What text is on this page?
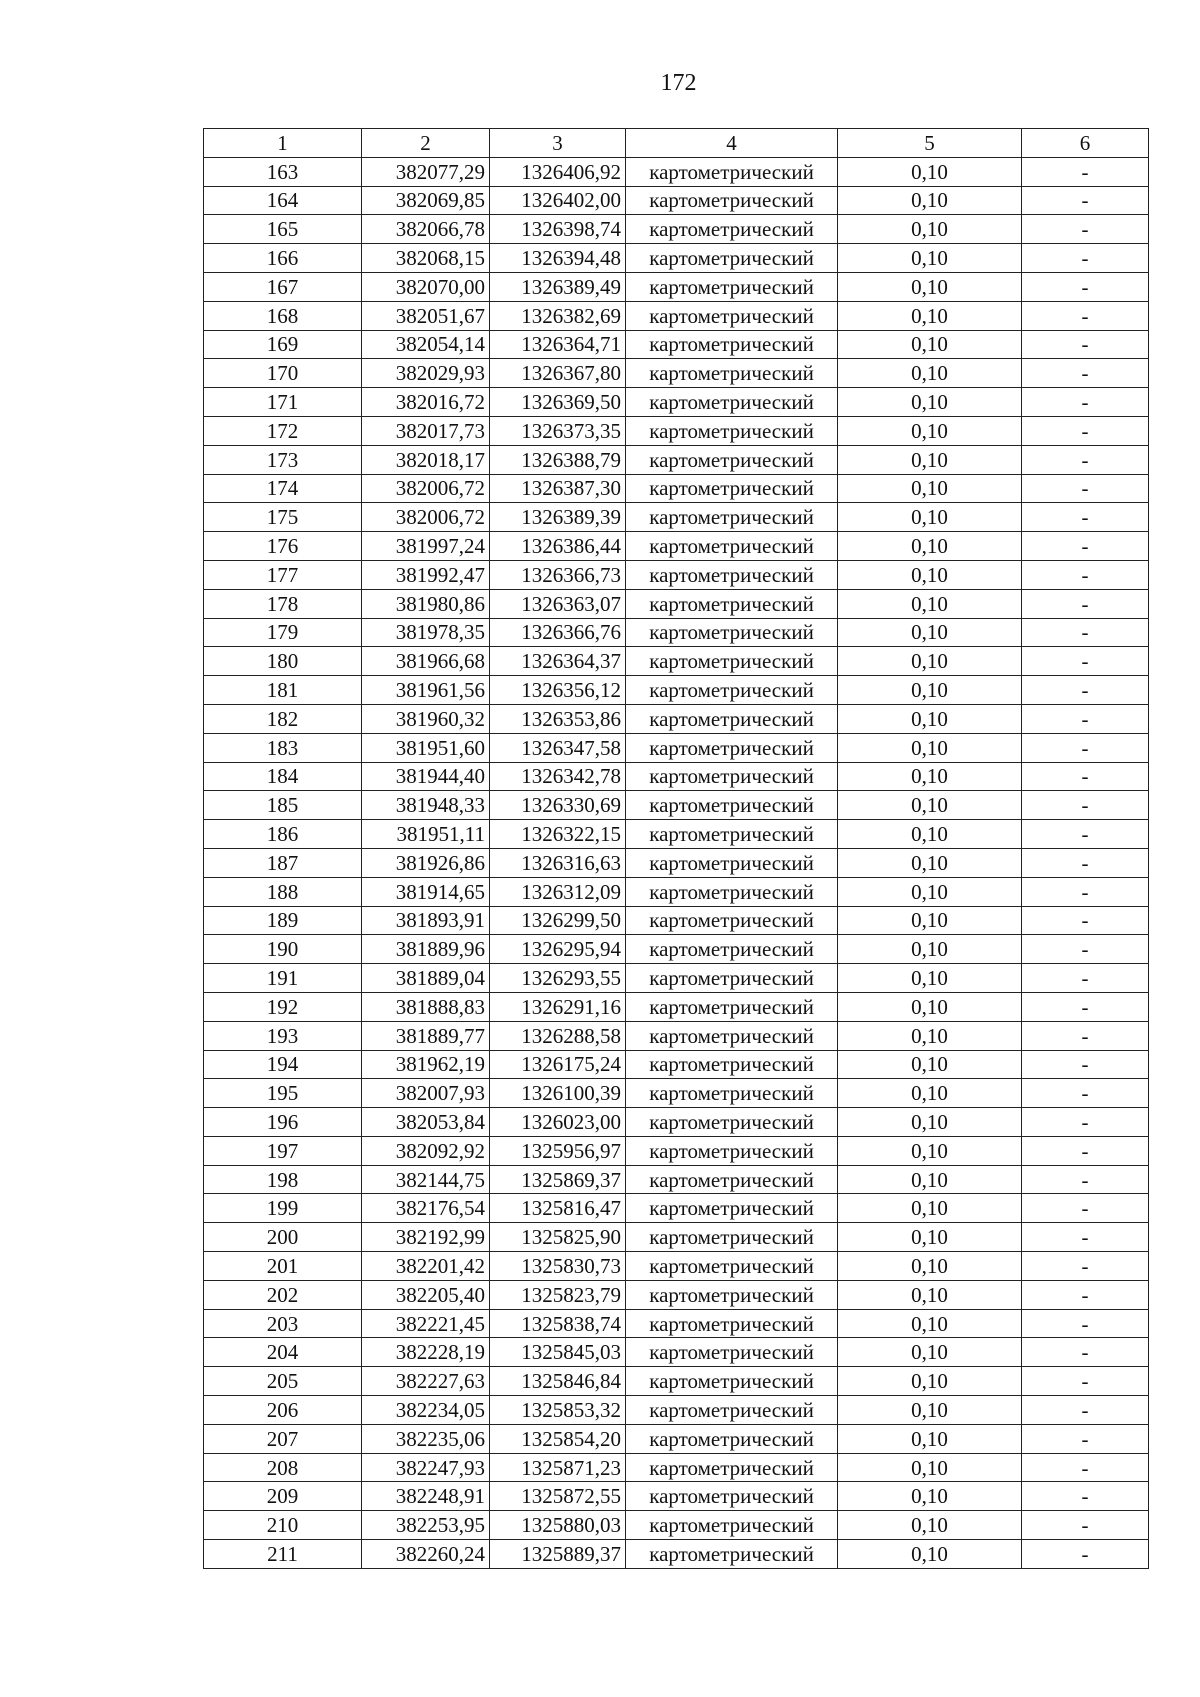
172
1	2	3	4	5	6
163	382077,29	1326406,92	картометрический	0,10	-
164	382069,85	1326402,00	картометрический	0,10	-
165	382066,78	1326398,74	картометрический	0,10	-
166	382068,15	1326394,48	картометрический	0,10	-
167	382070,00	1326389,49	картометрический	0,10	-
168	382051,67	1326382,69	картометрический	0,10	-
169	382054,14	1326364,71	картометрический	0,10	-
170	382029,93	1326367,80	картометрический	0,10	-
171	382016,72	1326369,50	картометрический	0,10	-
172	382017,73	1326373,35	картометрический	0,10	-
173	382018,17	1326388,79	картометрический	0,10	-
174	382006,72	1326387,30	картометрический	0,10	-
175	382006,72	1326389,39	картометрический	0,10	-
176	381997,24	1326386,44	картометрический	0,10	-
177	381992,47	1326366,73	картометрический	0,10	-
178	381980,86	1326363,07	картометрический	0,10	-
179	381978,35	1326366,76	картометрический	0,10	-
180	381966,68	1326364,37	картометрический	0,10	-
181	381961,56	1326356,12	картометрический	0,10	-
182	381960,32	1326353,86	картометрический	0,10	-
183	381951,60	1326347,58	картометрический	0,10	-
184	381944,40	1326342,78	картометрический	0,10	-
185	381948,33	1326330,69	картометрический	0,10	-
186	381951,11	1326322,15	картометрический	0,10	-
187	381926,86	1326316,63	картометрический	0,10	-
188	381914,65	1326312,09	картометрический	0,10	-
189	381893,91	1326299,50	картометрический	0,10	-
190	381889,96	1326295,94	картометрический	0,10	-
191	381889,04	1326293,55	картометрический	0,10	-
192	381888,83	1326291,16	картометрический	0,10	-
193	381889,77	1326288,58	картометрический	0,10	-
194	381962,19	1326175,24	картометрический	0,10	-
195	382007,93	1326100,39	картометрический	0,10	-
196	382053,84	1326023,00	картометрический	0,10	-
197	382092,92	1325956,97	картометрический	0,10	-
198	382144,75	1325869,37	картометрический	0,10	-
199	382176,54	1325816,47	картометрический	0,10	-
200	382192,99	1325825,90	картометрический	0,10	-
201	382201,42	1325830,73	картометрический	0,10	-
202	382205,40	1325823,79	картометрический	0,10	-
203	382221,45	1325838,74	картометрический	0,10	-
204	382228,19	1325845,03	картометрический	0,10	-
205	382227,63	1325846,84	картометрический	0,10	-
206	382234,05	1325853,32	картометрический	0,10	-
207	382235,06	1325854,20	картометрический	0,10	-
208	382247,93	1325871,23	картометрический	0,10	-
209	382248,91	1325872,55	картометрический	0,10	-
210	382253,95	1325880,03	картометрический	0,10	-
211	382260,24	1325889,37	картометрический	0,10	-
